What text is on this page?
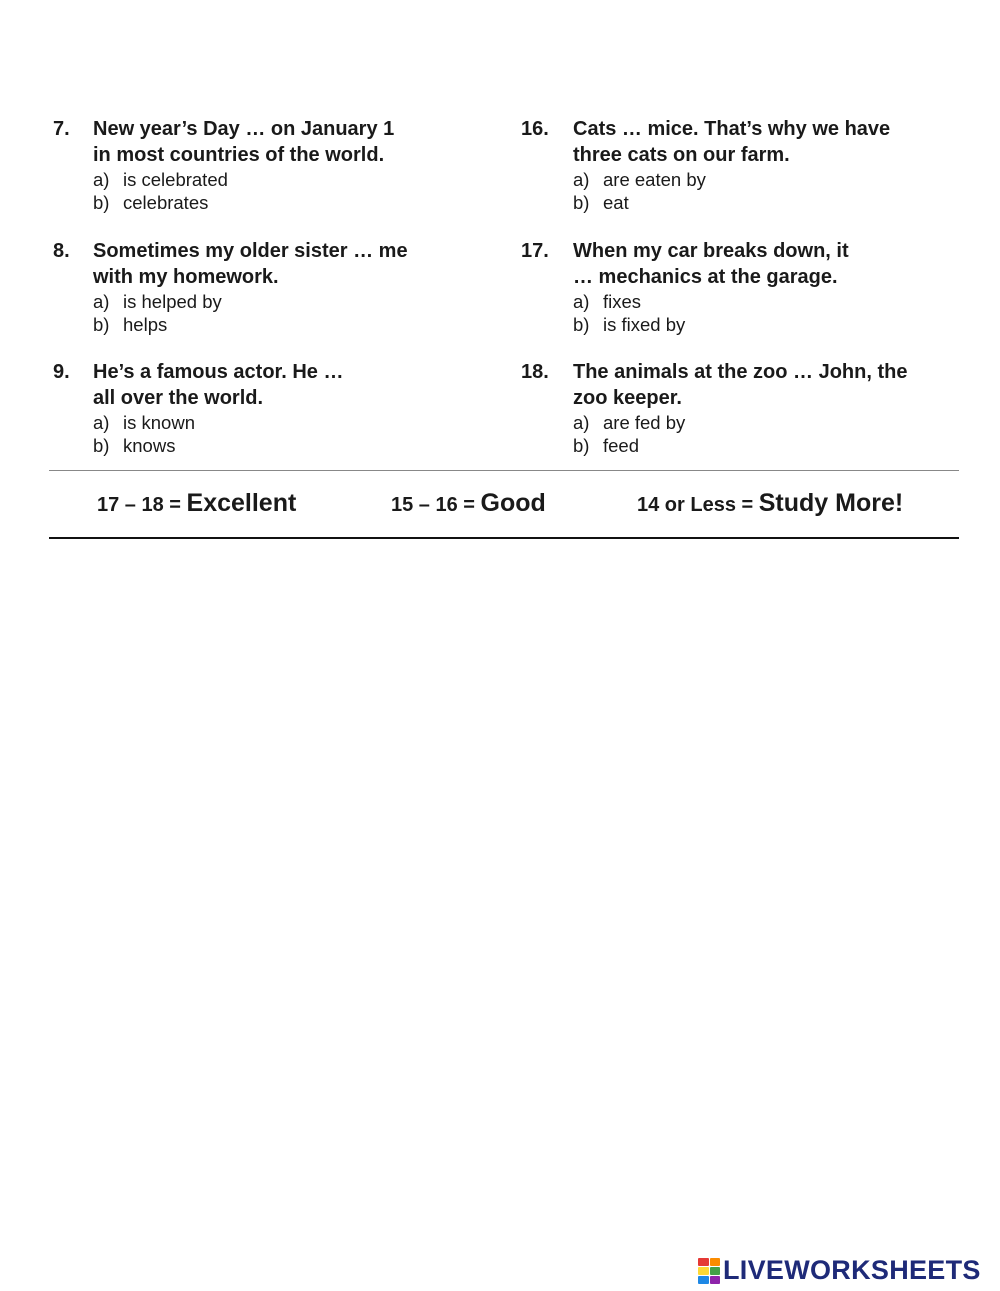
7.	New year’s Day … on January 1
in most countries of the world.
a) is celebrated
b) celebrates
8.	Sometimes my older sister … me
with my homework.
a) is helped by
b) helps
9.	He’s a famous actor. He …
all over the world.
a) is known
b) knows
16.	Cats … mice. That’s why we have
three cats on our farm.
a) are eaten by
b) eat
17.	When my car breaks down, it
… mechanics at the garage.
a) fixes
b) is fixed by
18.	The animals at the zoo … John, the
zoo keeper.
a) are fed by
b) feed
17 – 18 = Excellent	15 – 16 = Good	14 or Less = Study More!
LIVEWORKSHEETS
